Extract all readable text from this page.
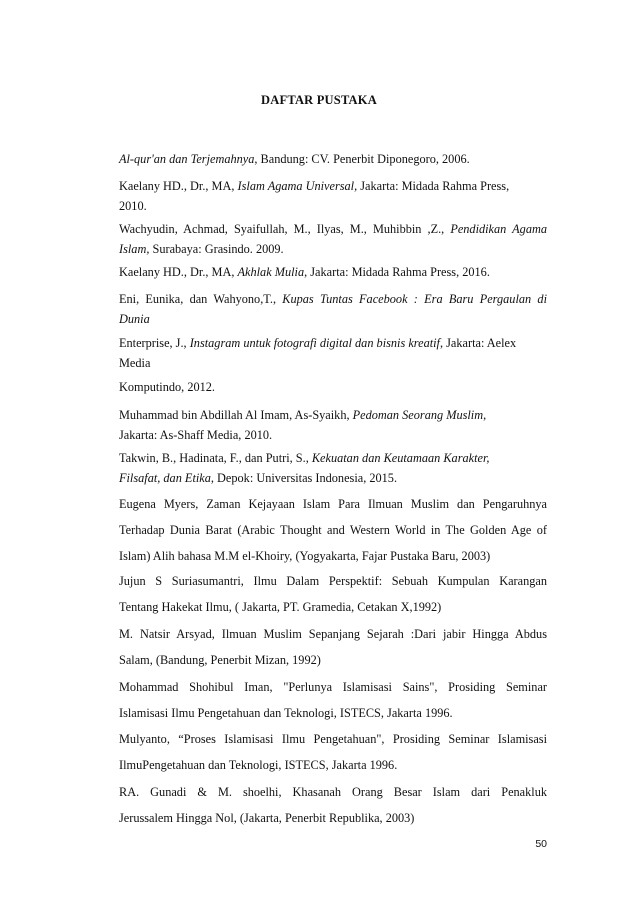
DAFTAR PUSTAKA
Al-qur'an dan Terjemahnya, Bandung: CV. Penerbit Diponegoro, 2006.
Kaelany HD., Dr., MA, Islam Agama Universal, Jakarta: Midada Rahma Press,
2010.
Wachyudin, Achmad, Syaifullah, M., Ilyas, M., Muhibbin ,Z., Pendidikan Agama
Islam, Surabaya: Grasindo. 2009.
Kaelany HD., Dr., MA, Akhlak Mulia, Jakarta: Midada Rahma Press, 2016.
Eni, Eunika, dan Wahyono,T., Kupas Tuntas Facebook : Era Baru Pergaulan di
Dunia
Enterprise, J., Instagram untuk fotografi digital dan bisnis kreatif, Jakarta: Aelex
Media
Komputindo, 2012.
Muhammad bin Abdillah Al Imam, As-Syaikh, Pedoman Seorang Muslim,
Jakarta: As-Shaff Media, 2010.
Takwin, B., Hadinata, F., dan Putri, S., Kekuatan dan Keutamaan Karakter,
Filsafat, dan Etika, Depok: Universitas Indonesia, 2015.
Eugena Myers, Zaman Kejayaan Islam Para Ilmuan Muslim dan Pengaruhnya
Terhadap Dunia Barat (Arabic Thought and Western World in The Golden Age of
Islam) Alih bahasa M.M el-Khoiry, (Yogyakarta, Fajar Pustaka Baru, 2003)
Jujun S Suriasumantri, Ilmu Dalam Perspektif: Sebuah Kumpulan Karangan
Tentang Hakekat Ilmu, ( Jakarta, PT. Gramedia, Cetakan X,1992)
M. Natsir Arsyad, Ilmuan Muslim Sepanjang Sejarah :Dari jabir Hingga Abdus
Salam, (Bandung, Penerbit Mizan, 1992)
Mohammad Shohibul Iman, "Perlunya Islamisasi Sains", Prosiding Seminar
Islamisasi Ilmu Pengetahuan dan Teknologi, ISTECS, Jakarta 1996.
Mulyanto, “Proses Islamisasi Ilmu Pengetahuan", Prosiding Seminar Islamisasi
IlmuPengetahuan dan Teknologi, ISTECS, Jakarta 1996.
RA. Gunadi & M. shoelhi, Khasanah Orang Besar Islam dari Penakluk
Jerussalem Hingga Nol, (Jakarta, Penerbit Republika, 2003)
50
